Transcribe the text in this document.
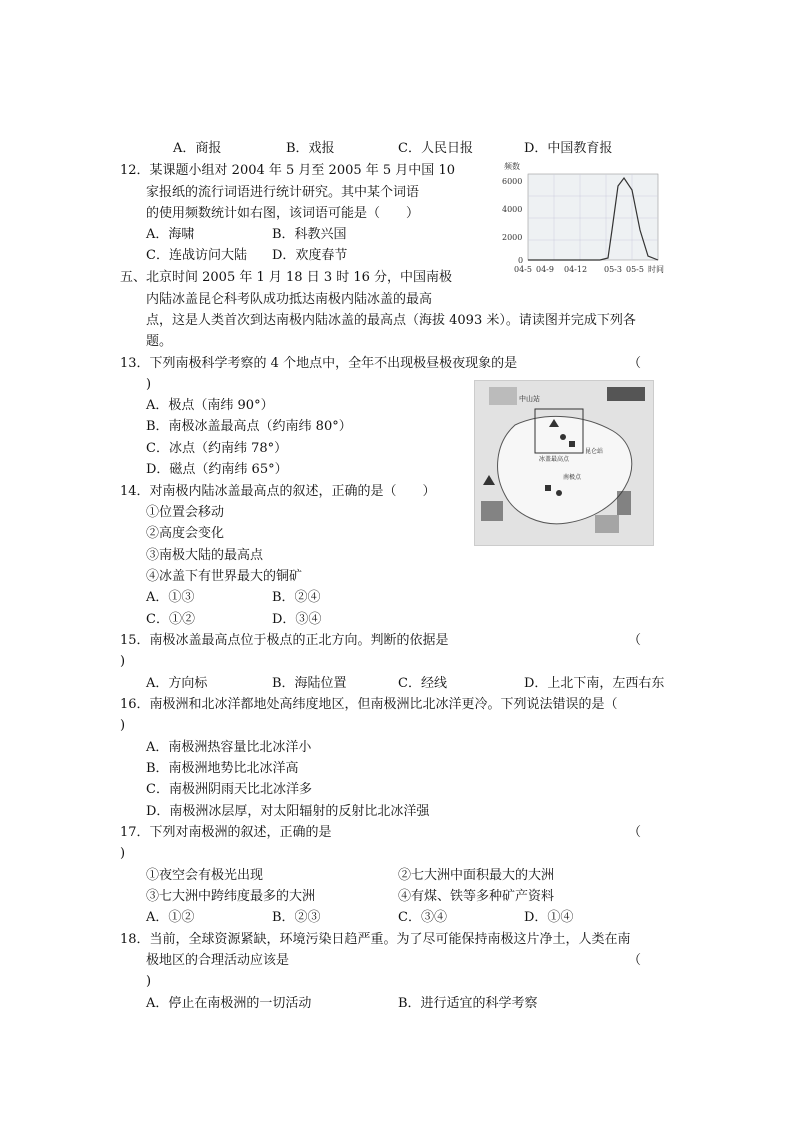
A．商报	B．戏报	C．人民日报	D．中国教育报
12．某课题小组对 2004 年 5 月至 2005 年 5 月中国 10
家报纸的流行词语进行统计研究。其中某个词语
的使用频数统计如右图，该词语可能是（　　）
A．海啸	B．科教兴国
C．连战访问大陆 D．欢度春节
频数
6000
4000
2000
0
04-5 04-9 04-12 05-3 05-5 时间
五、北京时间 2005 年 1 月 18 日 3 时 16 分，中国南极
内陆冰盖昆仑科考队成功抵达南极内陆冰盖的最高
点，这是人类首次到达南极内陆冰盖的最高点（海拔 4093 米）。请读图并完成下列各
题。
13．下列南极科学考察的 4 个地点中，全年不出现极昼极夜现象的是	（
)
A．极点（南纬 90°）
B．南极冰盖最高点（约南纬 80°）
C．冰点（约南纬 78°）
D．磁点（约南纬 65°）
中山站
冰盖最高点
南极点
昆仑站
14．对南极内陆冰盖最高点的叙述，正确的是（　　）
①位置会移动
②高度会变化
③南极大陆的最高点
④冰盖下有世界最大的铜矿
A．①③	B．②④
C．①②	D．③④
15．南极冰盖最高点位于极点的正北方向。判断的依据是	（
)
A．方向标	B．海陆位置	C．经线	D．上北下南，左西右东
16．南极洲和北冰洋都地处高纬度地区，但南极洲比北冰洋更冷。下列说法错误的是（
)
A．南极洲热容量比北冰洋小
B．南极洲地势比北冰洋高
C．南极洲阴雨天比北冰洋多
D．南极洲冰层厚，对太阳辐射的反射比北冰洋强
17．下列对南极洲的叙述，正确的是	（
)
①夜空会有极光出现	②七大洲中面积最大的大洲
③七大洲中跨纬度最多的大洲	④有煤、铁等多种矿产资料
A．①②	B．②③	C．③④	D．①④
18．当前，全球资源紧缺，环境污染日趋严重。为了尽可能保持南极这片净土，人类在南
极地区的合理活动应该是	（
)
A．停止在南极洲的一切活动	B．进行适宜的科学考察
